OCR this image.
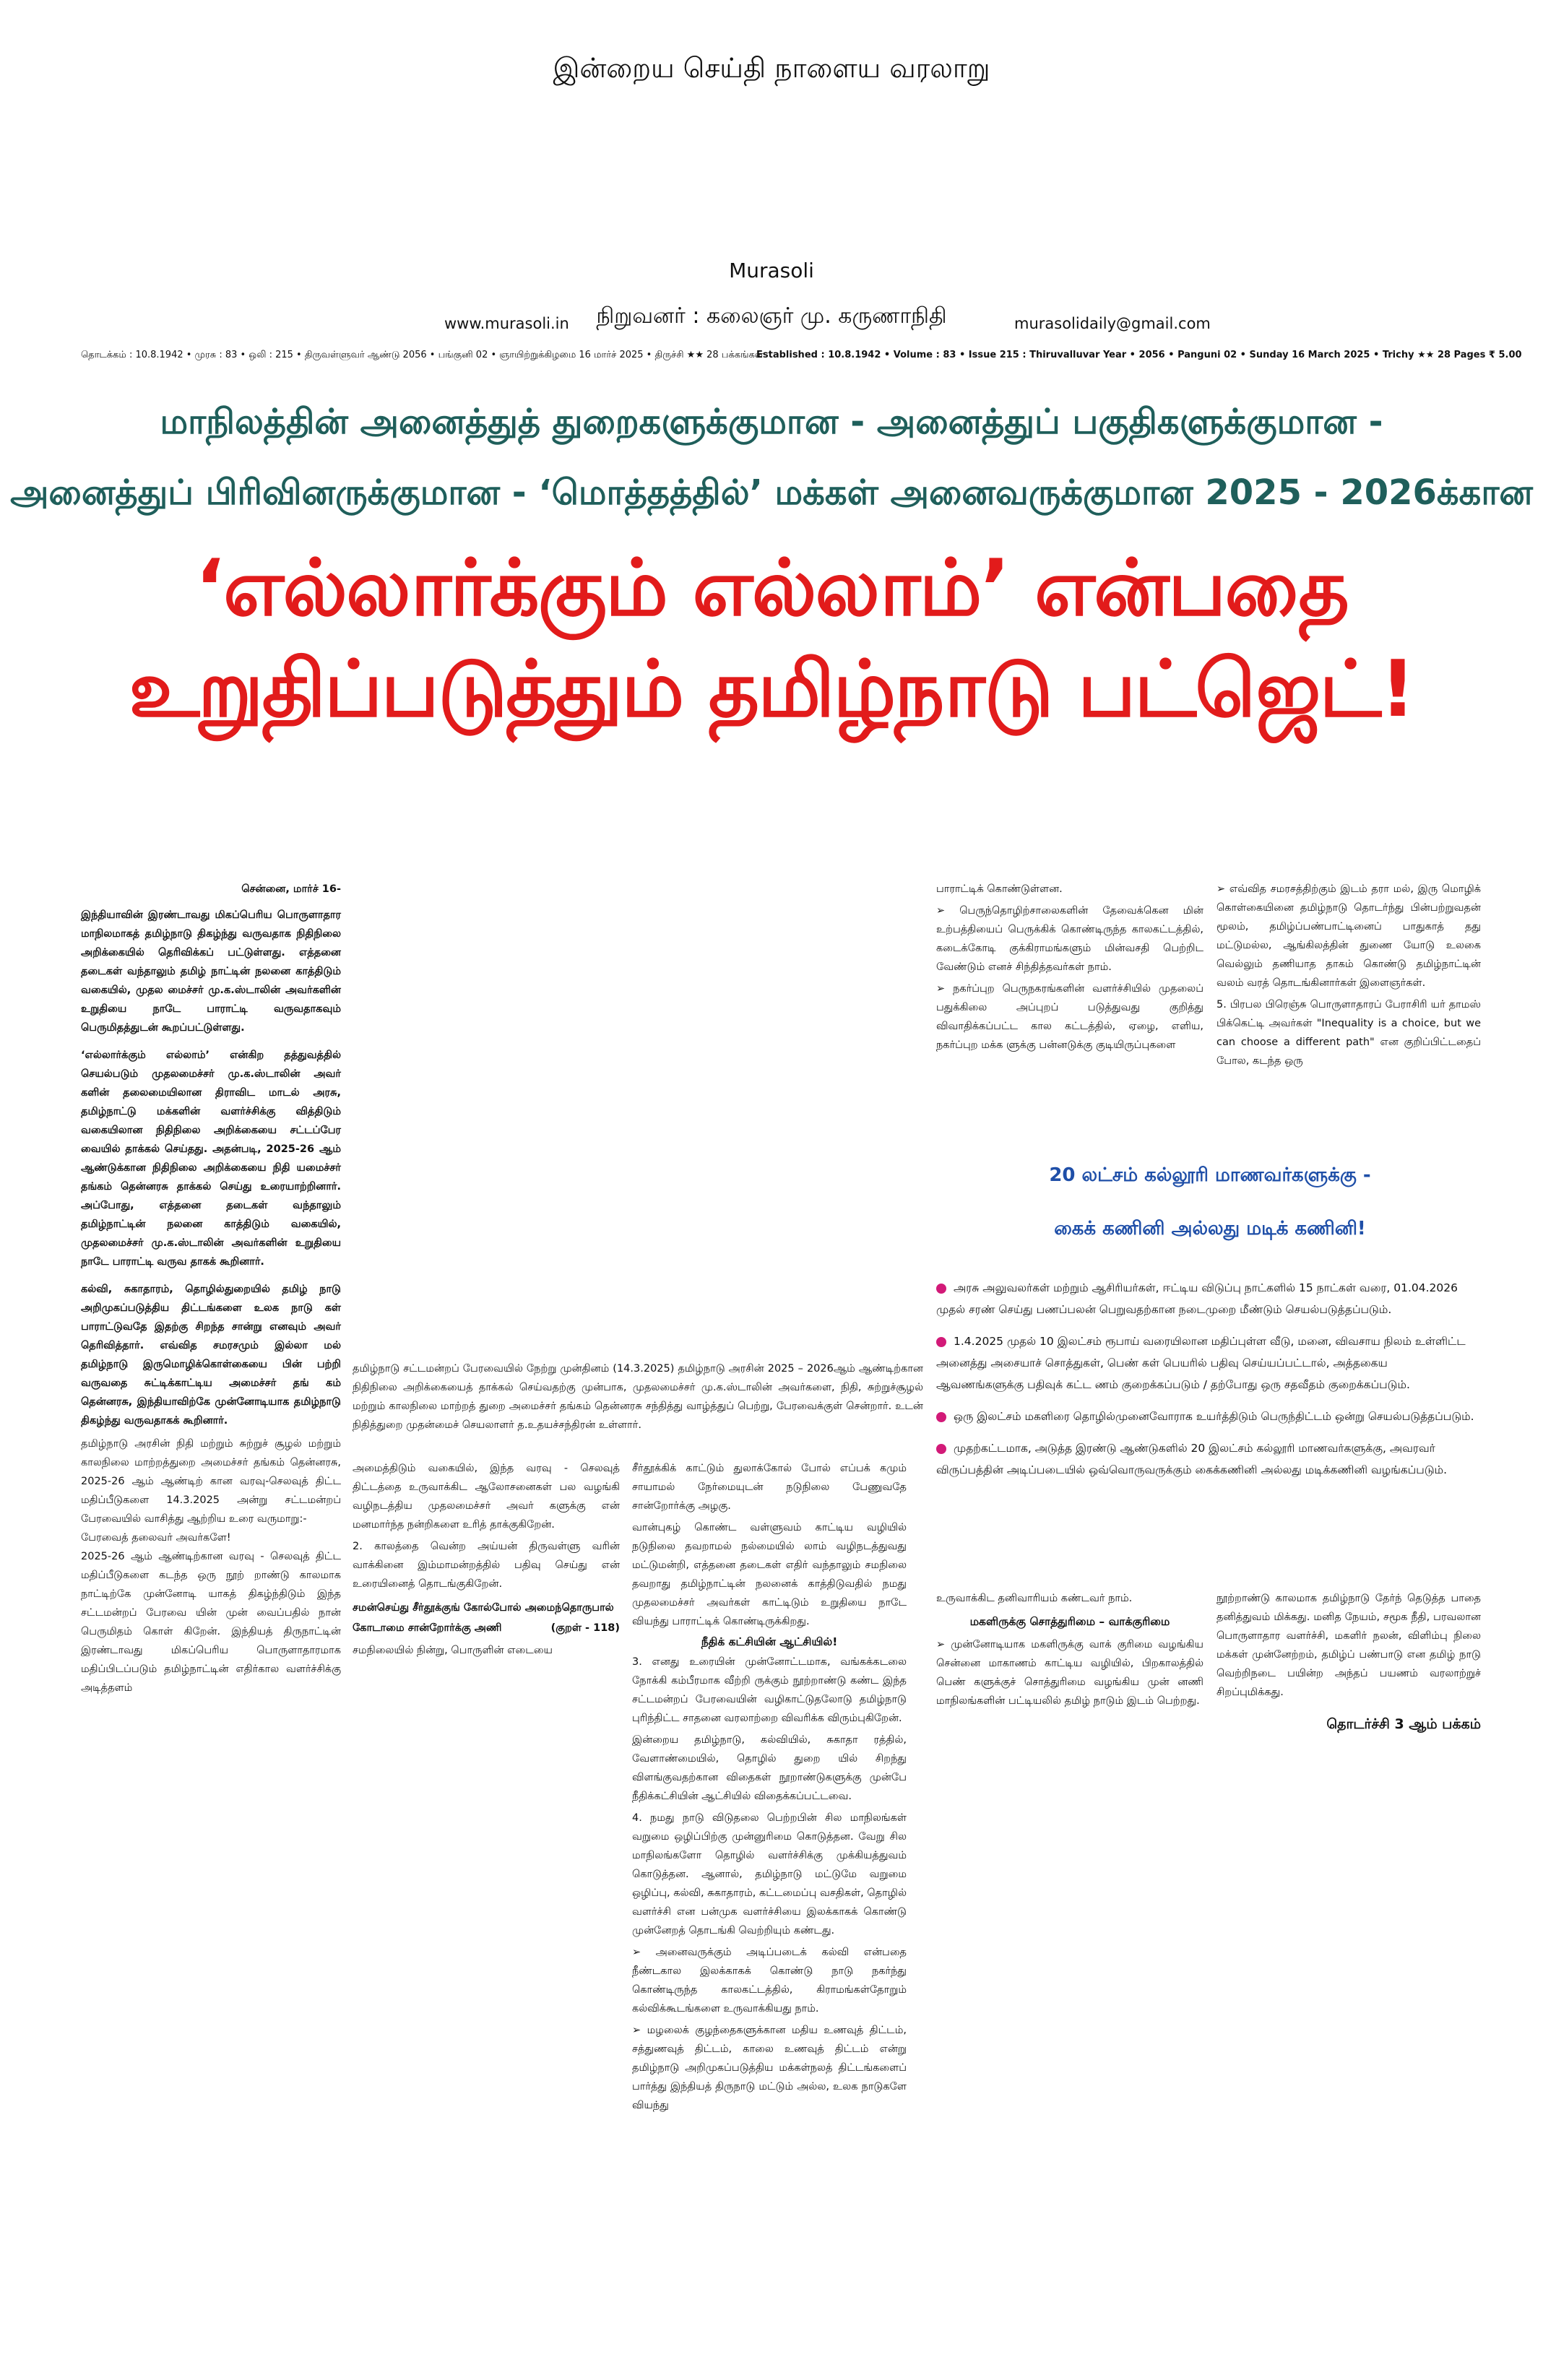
இன்றைய செய்தி நாளைய வரலாறு
Murasoli
நிறுவனர் : கலைஞர் மு. கருணாநிதி
www.murasoli.in	murasolidaily@gmail.com
தொடக்கம் : 10.8.1942 • முரசு : 83 • ஒலி : 215 • திருவள்ளுவர் ஆண்டு 2056 • பங்குனி 02 • ஞாயிற்றுக்கிழமை 16 மார்ச் 2025 • திருச்சி ★★ 28 பக்கங்கள்
Established : 10.8.1942 • Volume : 83 • Issue 215 : Thiruvalluvar Year • 2056 • Panguni 02 • Sunday 16 March 2025 • Trichy ★★ 28 Pages ₹ 5.00
மாநிலத்தின் அனைத்துத் துறைகளுக்குமான - அனைத்துப் பகுதிகளுக்குமான -
அனைத்துப் பிரிவினருக்குமான - ‘மொத்தத்தில்’ மக்கள் அனைவருக்குமான 2025 - 2026க்கான
‘எல்லார்க்கும் எல்லாம்’ என்பதை உறுதிப்படுத்தும் தமிழ்நாடு பட்ஜெட்!

சென்னை, மார்ச் 16-

இந்தியாவின் இரண்டாவது மிகப்பெரிய பொருளாதார மாநிலமாகத் தமிழ்நாடு திகழ்ந்து வருவதாக நிதிநிலை அறிக்கையில் தெரிவிக்கப் பட்டுள்ளது. எத்தனை தடைகள் வந்தாலும் தமிழ் நாட்டின் நலனை காத்திடும் வகையில், முதல மைச்சர் மு.க.ஸ்டாலின் அவர்களின் உறுதியை நாடே பாராட்டி வருவதாகவும் பெருமிதத்துடன் கூறப்பட்டுள்ளது.

‘எல்லார்க்கும் எல்லாம்’ என்கிற தத்துவத்தில் செயல்படும் முதலமைச்சர் மு.க.ஸ்டாலின் அவர் களின் தலைமையிலான திராவிட மாடல் அரசு, தமிழ்நாட்டு மக்களின் வளர்ச்சிக்கு வித்திடும் வகையிலான நிதிநிலை அறிக்கையை சட்டப்பேர வையில் தாக்கல் செய்தது. அதன்படி, 2025-26 ஆம் ஆண்டுக்கான நிதிநிலை அறிக்கையை நிதி யமைச்சர் தங்கம் தென்னரசு தாக்கல் செய்து உரையாற்றினார். அப்போது, எத்தனை தடைகள் வந்தாலும் தமிழ்நாட்டின் நலனை காத்திடும் வகையில், முதலமைச்சர் மு.க.ஸ்டாலின் அவர்களின் உறுதியை நாடே பாராட்டி வருவ தாகக் கூறினார்.

கல்வி, சுகாதாரம், தொழில்துறையில் தமிழ் நாடு அறிமுகப்படுத்திய திட்டங்களை உலக நாடு கள் பாராட்டுவதே இதற்கு சிறந்த சான்று எனவும் அவர் தெரிவித்தார். எவ்வித சமரசமும் இல்லா மல் தமிழ்நாடு இருமொழிக்கொள்கையை பின் பற்றி வருவதை சுட்டிக்காட்டிய அமைச்சர் தங் கம் தென்னரசு, இந்தியாவிற்கே முன்னோடியாக தமிழ்நாடு திகழ்ந்து வருவதாகக் கூறினார்.

தமிழ்நாடு அரசின் நிதி மற்றும் சுற்றுச் சூழல் மற்றும் காலநிலை மாற்றத்துறை அமைச்சர் தங்கம் தென்னரசு, 2025-26 ஆம் ஆண்டிற் கான வரவு-செலவுத் திட்ட மதிப்பீடுகளை 14.3.2025 அன்று சட்டமன்றப் பேரவையில் வாசித்து ஆற்றிய உரை வருமாறு:-

பேரவைத் தலைவர் அவர்களே!

2025-26 ஆம் ஆண்டிற்கான வரவு - செலவுத் திட்ட மதிப்பீடுகளை கடந்த ஒரு நூற் றாண்டு காலமாக நாட்டிற்கே முன்னோடி யாகத் திகழ்ந்திடும் இந்த சட்டமன்றப் பேரவை யின் முன் வைப்பதில் நான் பெருமிதம் கொள் கிறேன். இந்தியத் திருநாட்டின் இரண்டாவது மிகப்பெரிய பொருளாதாரமாக மதிப்பிடப்படும் தமிழ்நாட்டின் எதிர்கால வளர்ச்சிக்கு அடித்தளம்

தமிழ்நாடு சட்டமன்றப் பேரவையில் நேற்று முன்தினம் (14.3.2025) தமிழ்நாடு அரசின் 2025 – 2026ஆம் ஆண்டிற்கான நிதிநிலை அறிக்கையைத் தாக்கல் செய்வதற்கு முன்பாக, முதலமைச்சர் மு.க.ஸ்டாலின் அவர்களை, நிதி, சுற்றுச்சூழல் மற்றும் காலநிலை மாற்றத் துறை அமைச்சர் தங்கம் தென்னரசு சந்தித்து வாழ்த்துப் பெற்று, பேரவைக்குள் சென்றார். உடன் நிதித்துறை முதன்மைச் செயலாளர் த.உதயச்சந்திரன் உள்ளார்.

அமைத்திடும் வகையில், இந்த வரவு - செலவுத் திட்டத்தை உருவாக்கிட ஆலோசனைகள் பல வழங்கி வழிநடத்திய முதலமைச்சர் அவர் களுக்கு என் மனமார்ந்த நன்றிகளை உரித் தாக்குகிறேன்.

2. காலத்தை வென்ற அய்யன் திருவள்ளு வரின் வாக்கினை இம்மாமன்றத்தில் பதிவு செய்து என் உரையினைத் தொடங்குகிறேன்.

சமன்செய்து சீர்தூக்குங் கோல்போல் அமைந்தொருபால்
கோடாமை சான்றோர்க்கு அணி	(குறள் - 118)

சமநிலையில் நின்று, பொருளின் எடையை

சீர்தூக்கிக் காட்டும் துலாக்கோல் போல் எப்பக் கமும் சாயாமல் நேர்மையுடன் நடுநிலை பேணுவதே சான்றோர்க்கு அழகு.

வான்புகழ் கொண்ட வள்ளுவம் காட்டிய வழியில் நடுநிலை தவறாமல் நல்மையில் லாம் வழிநடத்துவது மட்டுமன்றி, எத்தனை தடைகள் எதிர் வந்தாலும் சமநிலை தவறாது தமிழ்நாட்டின் நலனைக் காத்திடுவதில் நமது முதலமைச்சர் அவர்கள் காட்டிடும் உறுதியை நாடே வியந்து பாராட்டிக் கொண்டிருக்கிறது.

நீதிக் கட்சியின் ஆட்சியில்!

3. எனது உரையின் முன்னோட்டமாக, வங்கக்கடலை நோக்கி கம்பீரமாக வீற்றி ருக்கும் நூற்றாண்டு கண்ட இந்த சட்டமன்றப் பேரவையின் வழிகாட்டுதலோடு தமிழ்நாடு புரிந்திட்ட சாதனை வரலாற்றை விவரிக்க விரும்புகிறேன்.

இன்றைய தமிழ்நாடு, கல்வியில், சுகாதா ரத்தில், வேளாண்மையில், தொழில் துறை யில் சிறந்து விளங்குவதற்கான விதைகள் நூறாண்டுகளுக்கு முன்பே நீதிக்கட்சியின் ஆட்சியில் விதைக்கப்பட்டவை.

4. நமது நாடு விடுதலை பெற்றபின் சில மாநிலங்கள் வறுமை ஒழிப்பிற்கு முன்னுரிமை கொடுத்தன. வேறு சில மாநிலங்களோ தொழில் வளர்ச்சிக்கு முக்கியத்துவம் கொடுத்தன. ஆனால், தமிழ்நாடு மட்டுமே வறுமை ஒழிப்பு, கல்வி, சுகாதாரம், கட்டமைப்பு வசதிகள், தொழில் வளர்ச்சி என பன்முக வளர்ச்சியை இலக்காகக் கொண்டு முன்னேறத் தொடங்கி வெற்றியும் கண்டது.

➢ அனைவருக்கும் அடிப்படைக் கல்வி என்பதை நீண்டகால இலக்காகக் கொண்டு நாடு நகர்ந்து கொண்டிருந்த காலகட்டத்தில், கிராமங்கள்தோறும் கல்விக்கூடங்களை உருவாக்கியது நாம்.

➢ மழலைக் குழந்தைகளுக்கான மதிய உணவுத் திட்டம், சத்துணவுத் திட்டம், காலை உணவுத் திட்டம் என்று தமிழ்நாடு அறிமுகப்படுத்திய மக்கள்நலத் திட்டங்களைப் பார்த்து இந்தியத் திருநாடு மட்டும் அல்ல, உலக நாடுகளே வியந்து

பாராட்டிக் கொண்டுள்ளன.

➢ பெருந்தொழிற்சாலைகளின் தேவைக்கென மின் உற்பத்தியைப் பெருக்கிக் கொண்டிருந்த காலகட்டத்தில், கடைக்கோடி குக்கிராமங்களும் மின்வசதி பெற்றிட வேண்டும் எனச் சிந்தித்தவர்கள் நாம்.

➢ நகர்ப்புற பெருநகரங்களின் வளர்ச்சியில் முதலைப் பதுக்கிலை அப்புறப் படுத்துவது குறித்து விவாதிக்கப்பட்ட கால கட்டத்தில், ஏழை, எளிய, நகர்ப்புற மக்க ளுக்கு பன்னடுக்கு குடியிருப்புகளை

➢ எவ்வித சமரசத்திற்கும் இடம் தரா மல், இரு மொழிக் கொள்கையினை தமிழ்நாடு தொடர்ந்து பின்பற்றுவதன் மூலம், தமிழ்ப்பண்பாட்டினைப் பாதுகாத் தது மட்டுமல்ல, ஆங்கிலத்தின் துணை யோடு உலகை வெல்லும் தணியாத தாகம் கொண்டு தமிழ்நாட்டின் வலம் வரத் தொடங்கினார்கள் இளைஞர்கள்.

5. பிரபல பிரெஞ்சு பொருளாதாரப் பேராசிரி யர் தாமஸ் பிக்கெட்டி அவர்கள் "Inequality is a choice, but we can choose a different path" என குறிப்பிட்டதைப் போல, கடந்த ஒரு

20 லட்சம் கல்லூரி மாணவர்களுக்கு -
கைக் கணினி அல்லது மடிக் கணினி!
அரசு அலுவலர்கள் மற்றும் ஆசிரியர்கள், ஈட்டிய விடுப்பு நாட்களில் 15 நாட்கள் வரை, 01.04.2026 முதல் சரண் செய்து பணப்பலன் பெறுவதற்கான நடைமுறை மீண்டும் செயல்படுத்தப்படும்.
1.4.2025 முதல் 10 இலட்சம் ரூபாய் வரையிலான மதிப்புள்ள வீடு, மனை, விவசாய நிலம் உள்ளிட்ட அனைத்து அசையாச் சொத்துகள், பெண் கள் பெயரில் பதிவு செய்யப்பட்டால், அத்தகைய ஆவணங்களுக்கு பதிவுக் கட்ட ணம் குறைக்கப்படும் / தற்போது ஒரு சதவீதம் குறைக்கப்படும்.
ஒரு இலட்சம் மகளிரை தொழில்முனைவோராக உயர்த்திடும் பெருந்திட்டம் ஒன்று செயல்படுத்தப்படும்.
முதற்கட்டமாக, அடுத்த இரண்டு ஆண்டுகளில் 20 இலட்சம் கல்லூரி மாணவர்களுக்கு, அவரவர் விருப்பத்தின் அடிப்படையில் ஒவ்வொருவருக்கும் கைக்கணினி அல்லது மடிக்கணினி வழங்கப்படும்.

உருவாக்கிட தனிவாரியம் கண்டவர் நாம்.

மகளிருக்கு சொத்துரிமை – வாக்குரிமை

➢ முன்னோடியாக மகளிருக்கு வாக் குரிமை வழங்கிய சென்னை மாகாணம் காட்டிய வழியில், பிறகாலத்தில் பெண் களுக்குச் சொத்துரிமை வழங்கிய முன் னணி மாநிலங்களின் பட்டியலில் தமிழ் நாடும் இடம் பெற்றது.

நூற்றாண்டு காலமாக தமிழ்நாடு தேர்ந் தெடுத்த பாதை தனித்துவம் மிக்கது. மனித நேயம், சமூக நீதி, பரவலான பொருளாதார வளர்ச்சி, மகளிர் நலன், விளிம்பு நிலை மக்கள் முன்னேற்றம், தமிழ்ப் பண்பாடு என தமிழ் நாடு வெற்றிநடை பயின்ற அந்தப் பயணம் வரலாற்றுச் சிறப்புமிக்கது.

தொடர்ச்சி 3 ஆம் பக்கம்
